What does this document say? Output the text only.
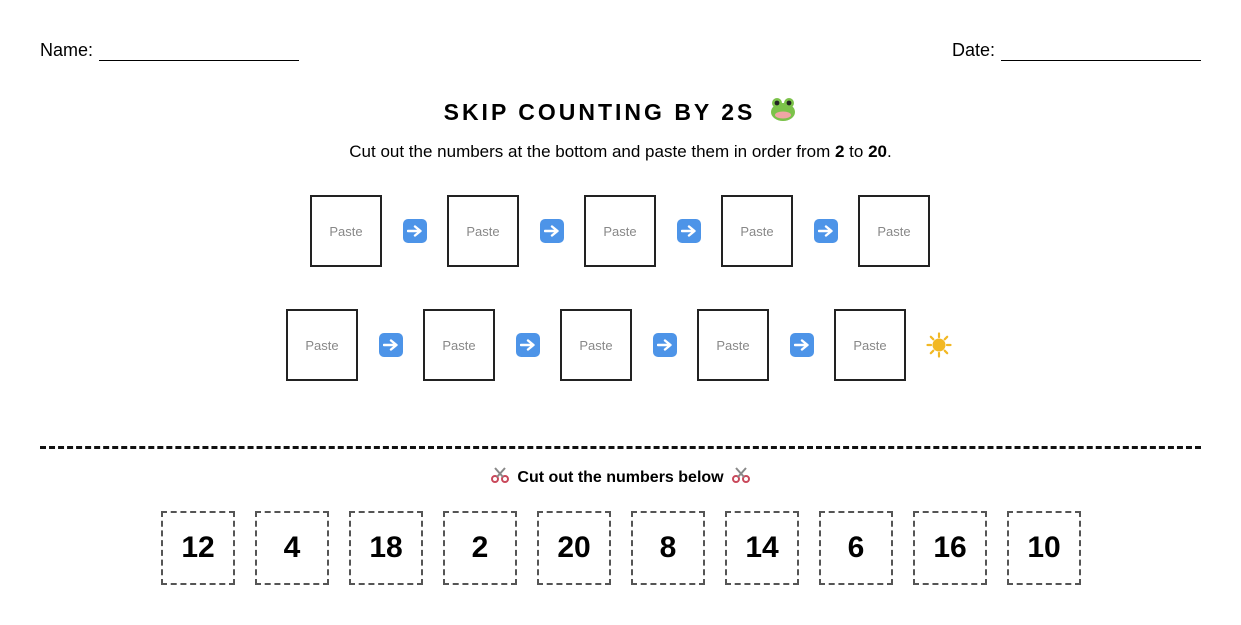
Name:	Date:
SKIP COUNTING BY 2S
Cut out the numbers at the bottom and paste them in order from 2 to 20.
Paste	Paste	Paste	Paste	Paste
Paste	Paste	Paste	Paste	Paste
Cut out the numbers below
12	4	18	2	20	8	14	6	16	10
